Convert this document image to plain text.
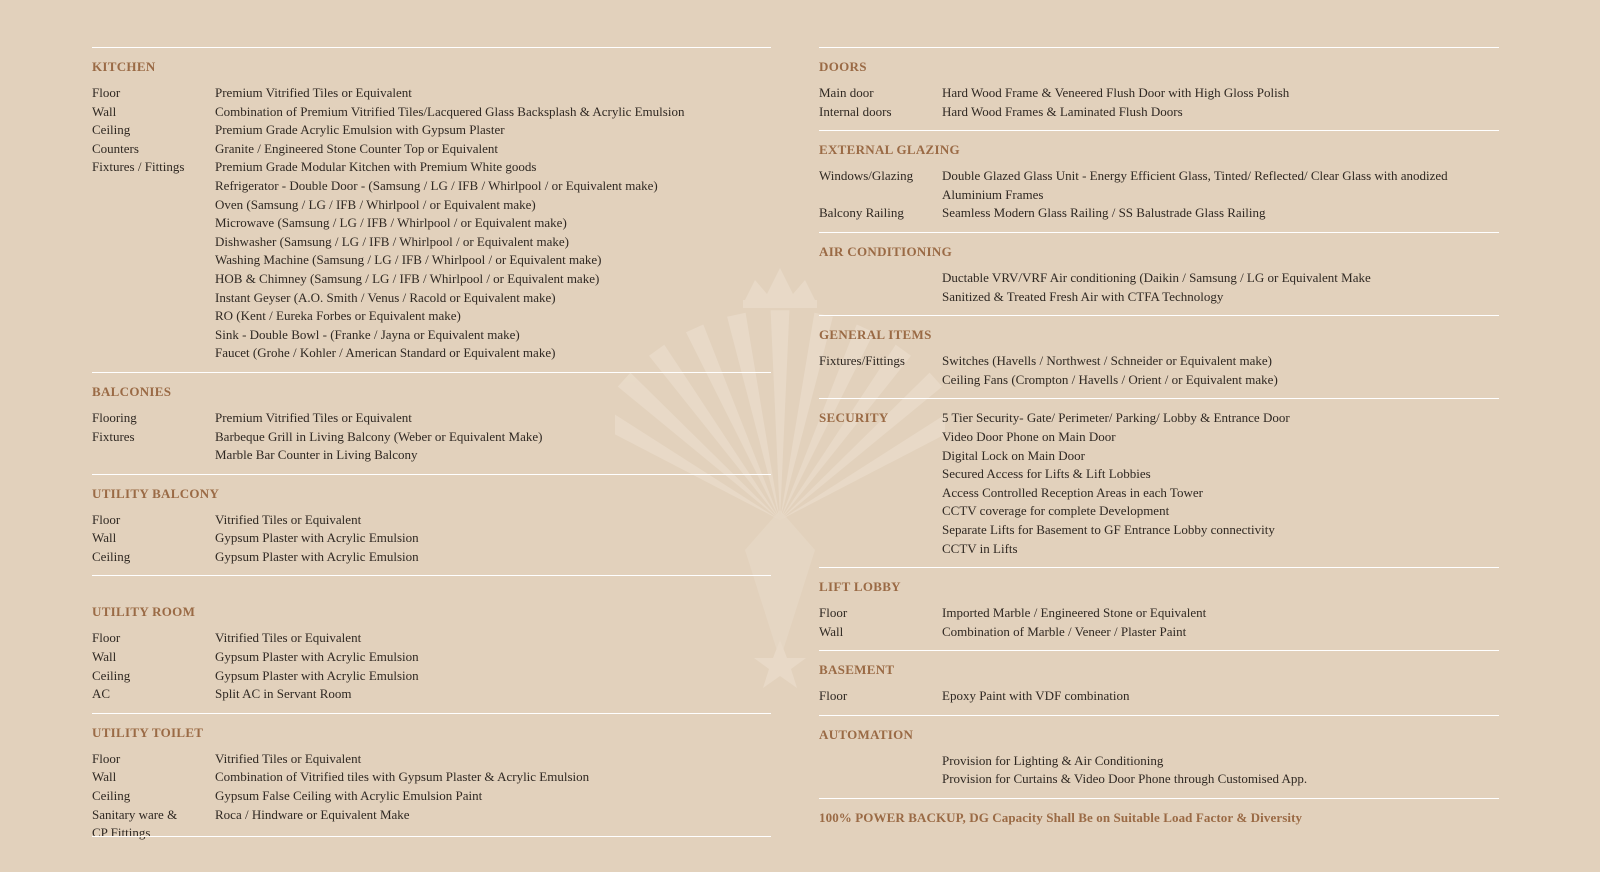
KITCHEN
Floor	Premium Vitrified Tiles or Equivalent
Wall	Combination of Premium Vitrified Tiles/Lacquered Glass Backsplash & Acrylic Emulsion
Ceiling	Premium Grade Acrylic Emulsion with Gypsum Plaster
Counters	Granite / Engineered Stone Counter Top or Equivalent
Fixtures / Fittings	Premium Grade Modular Kitchen with Premium White goods
Refrigerator - Double Door - (Samsung / LG / IFB / Whirlpool / or Equivalent make)
Oven (Samsung / LG / IFB / Whirlpool / or Equivalent make)
Microwave (Samsung / LG / IFB / Whirlpool / or Equivalent make)
Dishwasher (Samsung / LG / IFB / Whirlpool / or Equivalent make)
Washing Machine (Samsung / LG / IFB / Whirlpool / or Equivalent make)
HOB & Chimney (Samsung / LG / IFB / Whirlpool / or Equivalent make)
Instant Geyser (A.O. Smith / Venus / Racold or Equivalent make)
RO (Kent / Eureka Forbes or Equivalent make)
Sink - Double Bowl - (Franke / Jayna or Equivalent make)
Faucet (Grohe / Kohler / American Standard or Equivalent make)
BALCONIES
Flooring	Premium Vitrified Tiles or Equivalent
Fixtures	Barbeque Grill in Living Balcony (Weber or Equivalent Make)
Marble Bar Counter in Living Balcony
UTILITY BALCONY
Floor	Vitrified Tiles or Equivalent
Wall	Gypsum Plaster with Acrylic Emulsion
Ceiling	Gypsum Plaster with Acrylic Emulsion
UTILITY ROOM
Floor	Vitrified Tiles or Equivalent
Wall	Gypsum Plaster with Acrylic Emulsion
Ceiling	Gypsum Plaster with Acrylic Emulsion
AC	Split AC in Servant Room
UTILITY TOILET
Floor	Vitrified Tiles or Equivalent
Wall	Combination of Vitrified tiles with Gypsum Plaster & Acrylic Emulsion
Ceiling	Gypsum False Ceiling with Acrylic Emulsion Paint
Sanitary ware &	Roca / Hindware or Equivalent Make
CP Fittings
DOORS
Main door	Hard Wood Frame & Veneered Flush Door with High Gloss Polish
Internal doors	Hard Wood Frames & Laminated Flush Doors
EXTERNAL GLAZING
Windows/Glazing	Double Glazed Glass Unit - Energy Efficient Glass, Tinted/ Reflected/ Clear Glass with anodized Aluminium Frames
Balcony Railing	Seamless Modern Glass Railing / SS Balustrade Glass Railing
AIR CONDITIONING
Ductable VRV/VRF Air conditioning (Daikin / Samsung / LG or Equivalent Make
Sanitized & Treated Fresh Air with CTFA Technology
GENERAL ITEMS
Fixtures/Fittings	Switches (Havells / Northwest / Schneider or Equivalent make)
Ceiling Fans (Crompton / Havells / Orient / or Equivalent make)
SECURITY	5 Tier Security- Gate/ Perimeter/ Parking/ Lobby & Entrance Door
Video Door Phone on Main Door
Digital Lock on Main Door
Secured Access for Lifts & Lift Lobbies
Access Controlled Reception Areas in each Tower
CCTV coverage for complete Development
Separate Lifts for Basement to GF Entrance Lobby connectivity
CCTV in Lifts
LIFT LOBBY
Floor	Imported Marble / Engineered Stone or Equivalent
Wall	Combination of Marble / Veneer / Plaster Paint
BASEMENT
Floor	Epoxy Paint with VDF combination
AUTOMATION
Provision for Lighting & Air Conditioning
Provision for Curtains & Video Door Phone through Customised App.
100% POWER BACKUP, DG Capacity Shall Be on Suitable Load Factor & Diversity
